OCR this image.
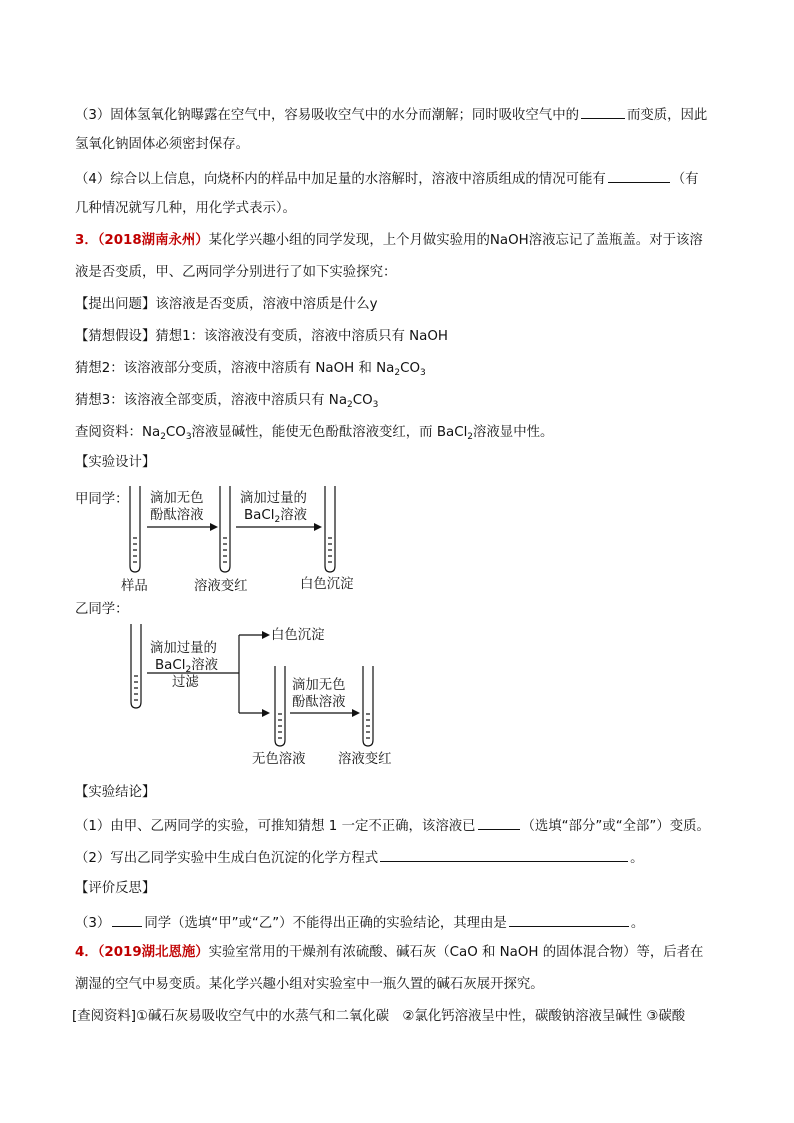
（3）固体氢氧化钠曝露在空气中，容易吸收空气中的水分而潮解；同时吸收空气中的	而变质，因此
氢氧化钠固体必须密封保存。
（4）综合以上信息，向烧杯内的样品中加足量的水溶解时，溶液中溶质组成的情况可能有	（有
几种情况就写几种，用化学式表示）。
3．（2018湖南永州）某化学兴趣小组的同学发现，上个月做实验用的NaOH溶液忘记了盖瓶盖。对于该溶
液是否变质，甲、乙两同学分别进行了如下实验探究：
【提出问题】该溶液是否变质，溶液中溶质是什么y
【猜想假设】猜想1：该溶液没有变质，溶液中溶质只有 NaOH
猜想2：该溶液部分变质，溶液中溶质有 NaOH 和 $Na_2CO_3$
猜想3：该溶液全部变质，溶液中溶质只有 $Na_2CO_3$
查阅资料：$Na_2CO_3$溶液显碱性，能使无色酚酞溶液变红，而 BaCl$_2$溶液显中性。
【实验设计】
甲同学： 滴加无色
酚酞溶液
滴加过量的
BaCl$_2$溶液
样品	溶液变红	白色沉淀
乙同学：
滴加过量的
BaCl$_2$溶液
过滤
白色沉淀
滴加无色
酚酞溶液
无色溶液 溶液变红
【实验结论】
（1）由甲、乙两同学的实验，可推知猜想 1 一定不正确，该溶液已	（选填“部分”或“全部”）变质。
（2）写出乙同学实验中生成白色沉淀的化学方程式	。
【评价反思】
（3）	同学（选填“甲”或“乙”）不能得出正确的实验结论，其理由是	。
4．（2019湖北恩施）实验室常用的干燥剂有浓硫酸、碱石灰（CaO 和 NaOH 的固体混合物）等，后者在
潮湿的空气中易变质。某化学兴趣小组对实验室中一瓶久置的碱石灰展开探究。
[查阅资料]①碱石灰易吸收空气中的水蒸气和二氧化碳　②氯化钙溶液呈中性，碳酸钠溶液呈碱性 ③碳酸
